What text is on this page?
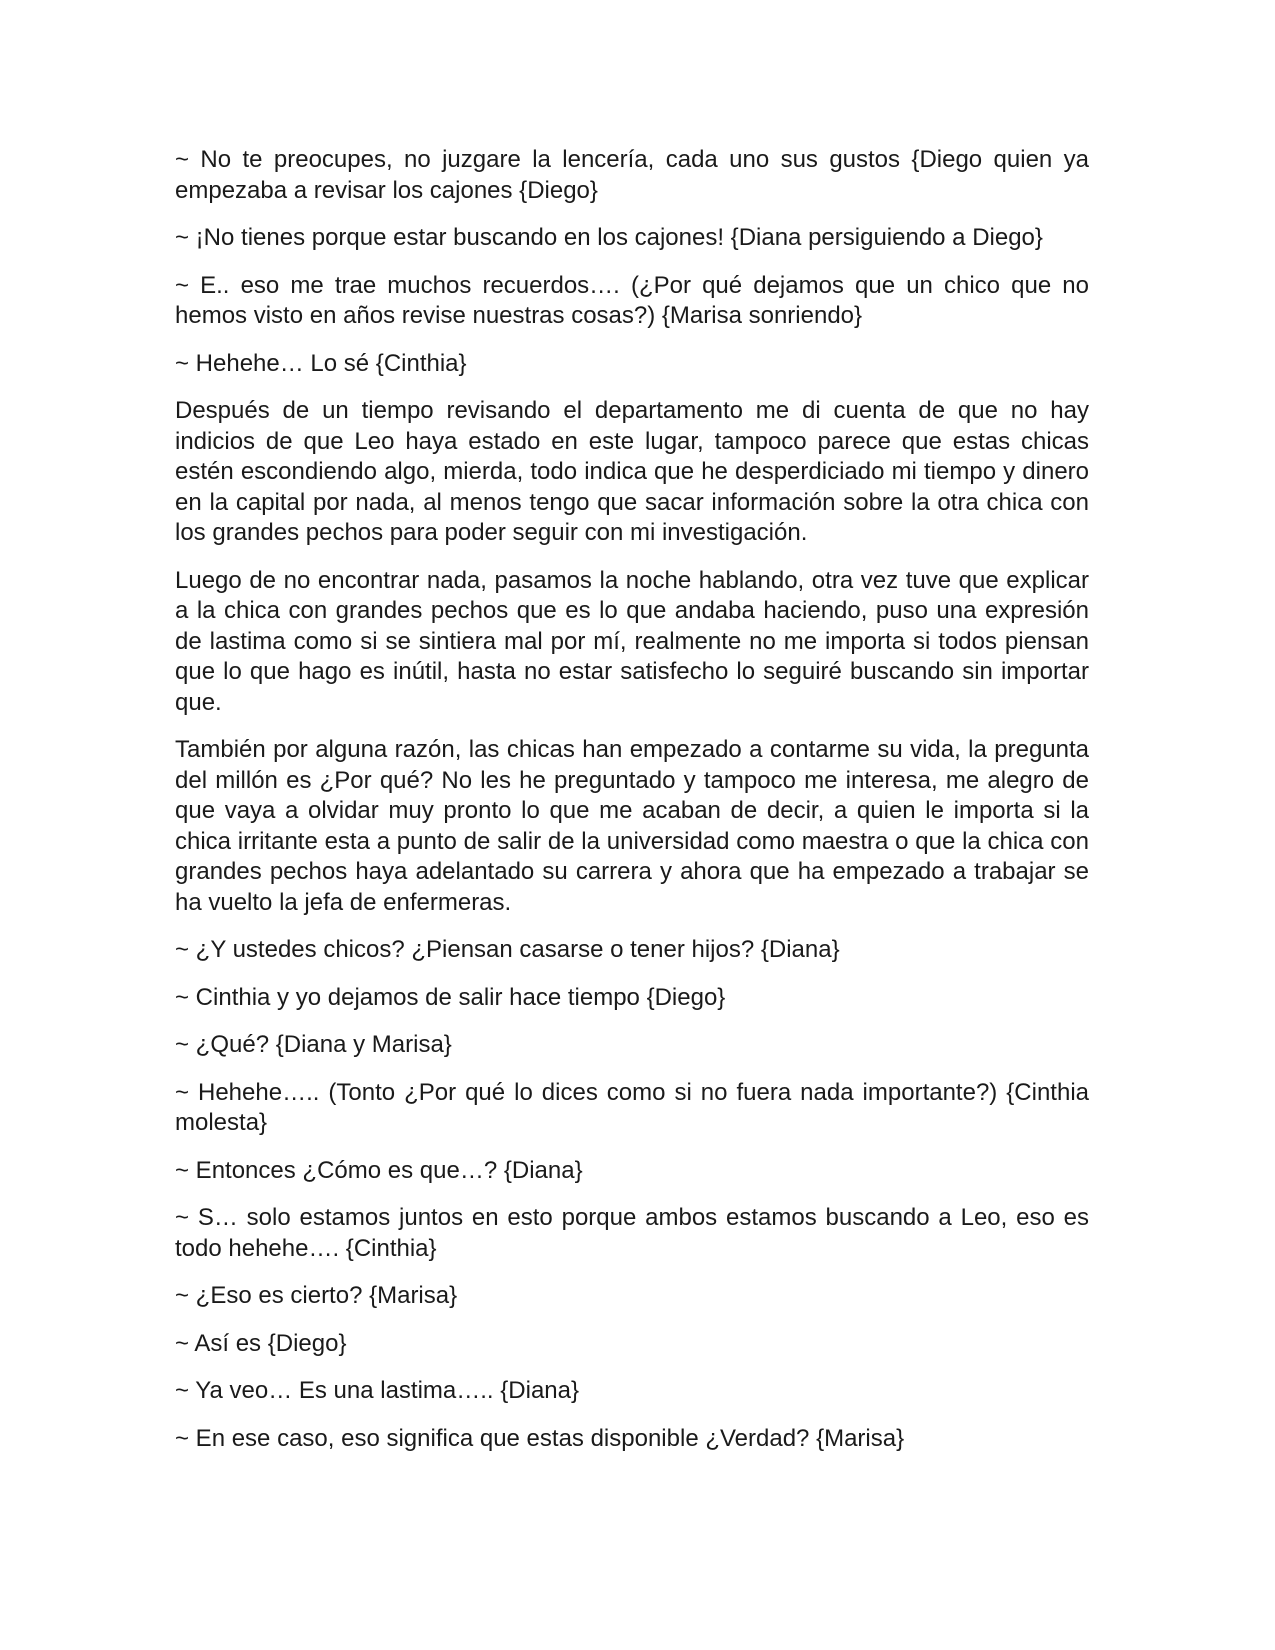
~ No te preocupes, no juzgare la lencería, cada uno sus gustos {Diego quien ya empezaba a revisar los cajones {Diego}

~ ¡No tienes porque estar buscando en los cajones! {Diana persiguiendo a Diego}

~ E.. eso me trae muchos recuerdos…. (¿Por qué dejamos que un chico que no hemos visto en años revise nuestras cosas?) {Marisa sonriendo}

~ Hehehe… Lo sé {Cinthia}

Después de un tiempo revisando el departamento me di cuenta de que no hay indicios de que Leo haya estado en este lugar, tampoco parece que estas chicas estén escondiendo algo, mierda, todo indica que he desperdiciado mi tiempo y dinero en la capital por nada, al menos tengo que sacar información sobre la otra chica con los grandes pechos para poder seguir con mi investigación.

Luego de no encontrar nada, pasamos la noche hablando, otra vez tuve que explicar a la chica con grandes pechos que es lo que andaba haciendo, puso una expresión de lastima como si se sintiera mal por mí, realmente no me importa si todos piensan que lo que hago es inútil, hasta no estar satisfecho lo seguiré buscando sin importar que.

También por alguna razón, las chicas han empezado a contarme su vida, la pregunta del millón es ¿Por qué? No les he preguntado y tampoco me interesa, me alegro de que vaya a olvidar muy pronto lo que me acaban de decir, a quien le importa si la chica irritante esta a punto de salir de la universidad como maestra o que la chica con grandes pechos haya adelantado su carrera y ahora que ha empezado a trabajar se ha vuelto la jefa de enfermeras.

~ ¿Y ustedes chicos? ¿Piensan casarse o tener hijos? {Diana}

~ Cinthia y yo dejamos de salir hace tiempo {Diego}

~ ¿Qué? {Diana y Marisa}

~ Hehehe….. (Tonto ¿Por qué lo dices como si no fuera nada importante?) {Cinthia molesta}

~ Entonces ¿Cómo es que…? {Diana}

~ S… solo estamos juntos en esto porque ambos estamos buscando a Leo, eso es todo hehehe…. {Cinthia}

~ ¿Eso es cierto? {Marisa}

~ Así es {Diego}

~ Ya veo… Es una lastima….. {Diana}

~ En ese caso, eso significa que estas disponible ¿Verdad? {Marisa}
